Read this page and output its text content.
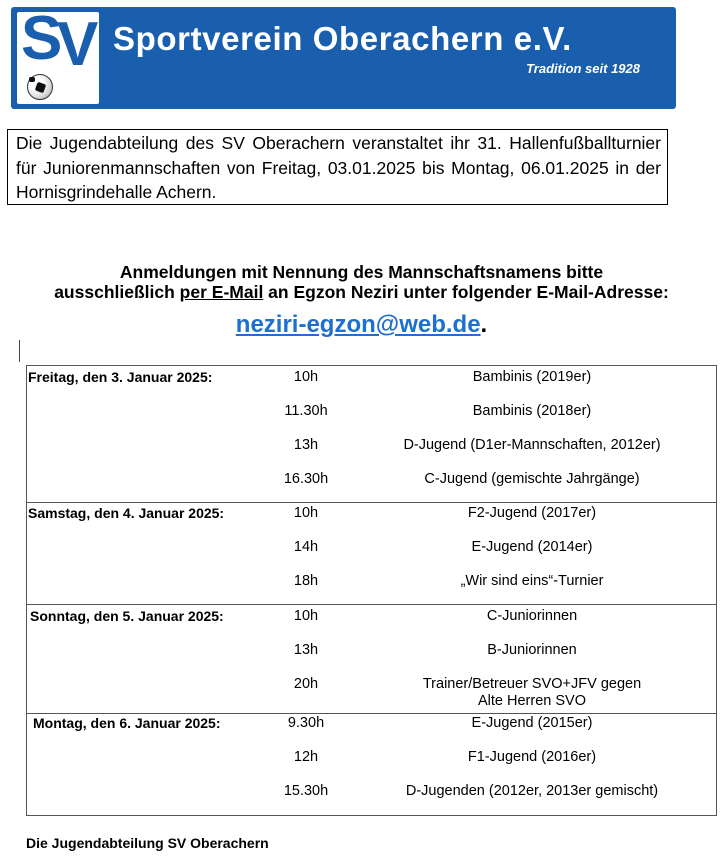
S
V Sportverein Oberachern e.V.
Tradition seit 1928
Die Jugendabteilung des SV Oberachern veranstaltet ihr 31. Hallenfußballturnier für Juniorenmannschaften von Freitag, 03.01.2025 bis Montag, 06.01.2025 in der Hornisgrindehalle Achern.
Anmeldungen mit Nennung des Mannschaftsnamens bitte
ausschließlich per E-Mail an Egzon Neziri unter folgender E-Mail-Adresse:
neziri-egzon@web.de.
Freitag, den 3. Januar 2025:	10h	Bambinis (2019er)
11.30h	Bambinis (2018er)
13h	D-Jugend (D1er-Mannschaften, 2012er)
16.30h	C-Jugend (gemischte Jahrgänge)
Samstag, den 4. Januar 2025:	10h	F2-Jugend (2017er)
14h	E-Jugend (2014er)
18h	„Wir sind eins“-Turnier
Sonntag, den 5. Januar 2025:	10h	C-Juniorinnen
13h	B-Juniorinnen
20h	Trainer/Betreuer SVO+JFV gegen
Alte Herren SVO
Montag, den 6. Januar 2025:	9.30h	E-Jugend (2015er)
12h	F1-Jugend (2016er)
15.30h	D-Jugenden (2012er, 2013er gemischt)
Die Jugendabteilung SV Oberachern
